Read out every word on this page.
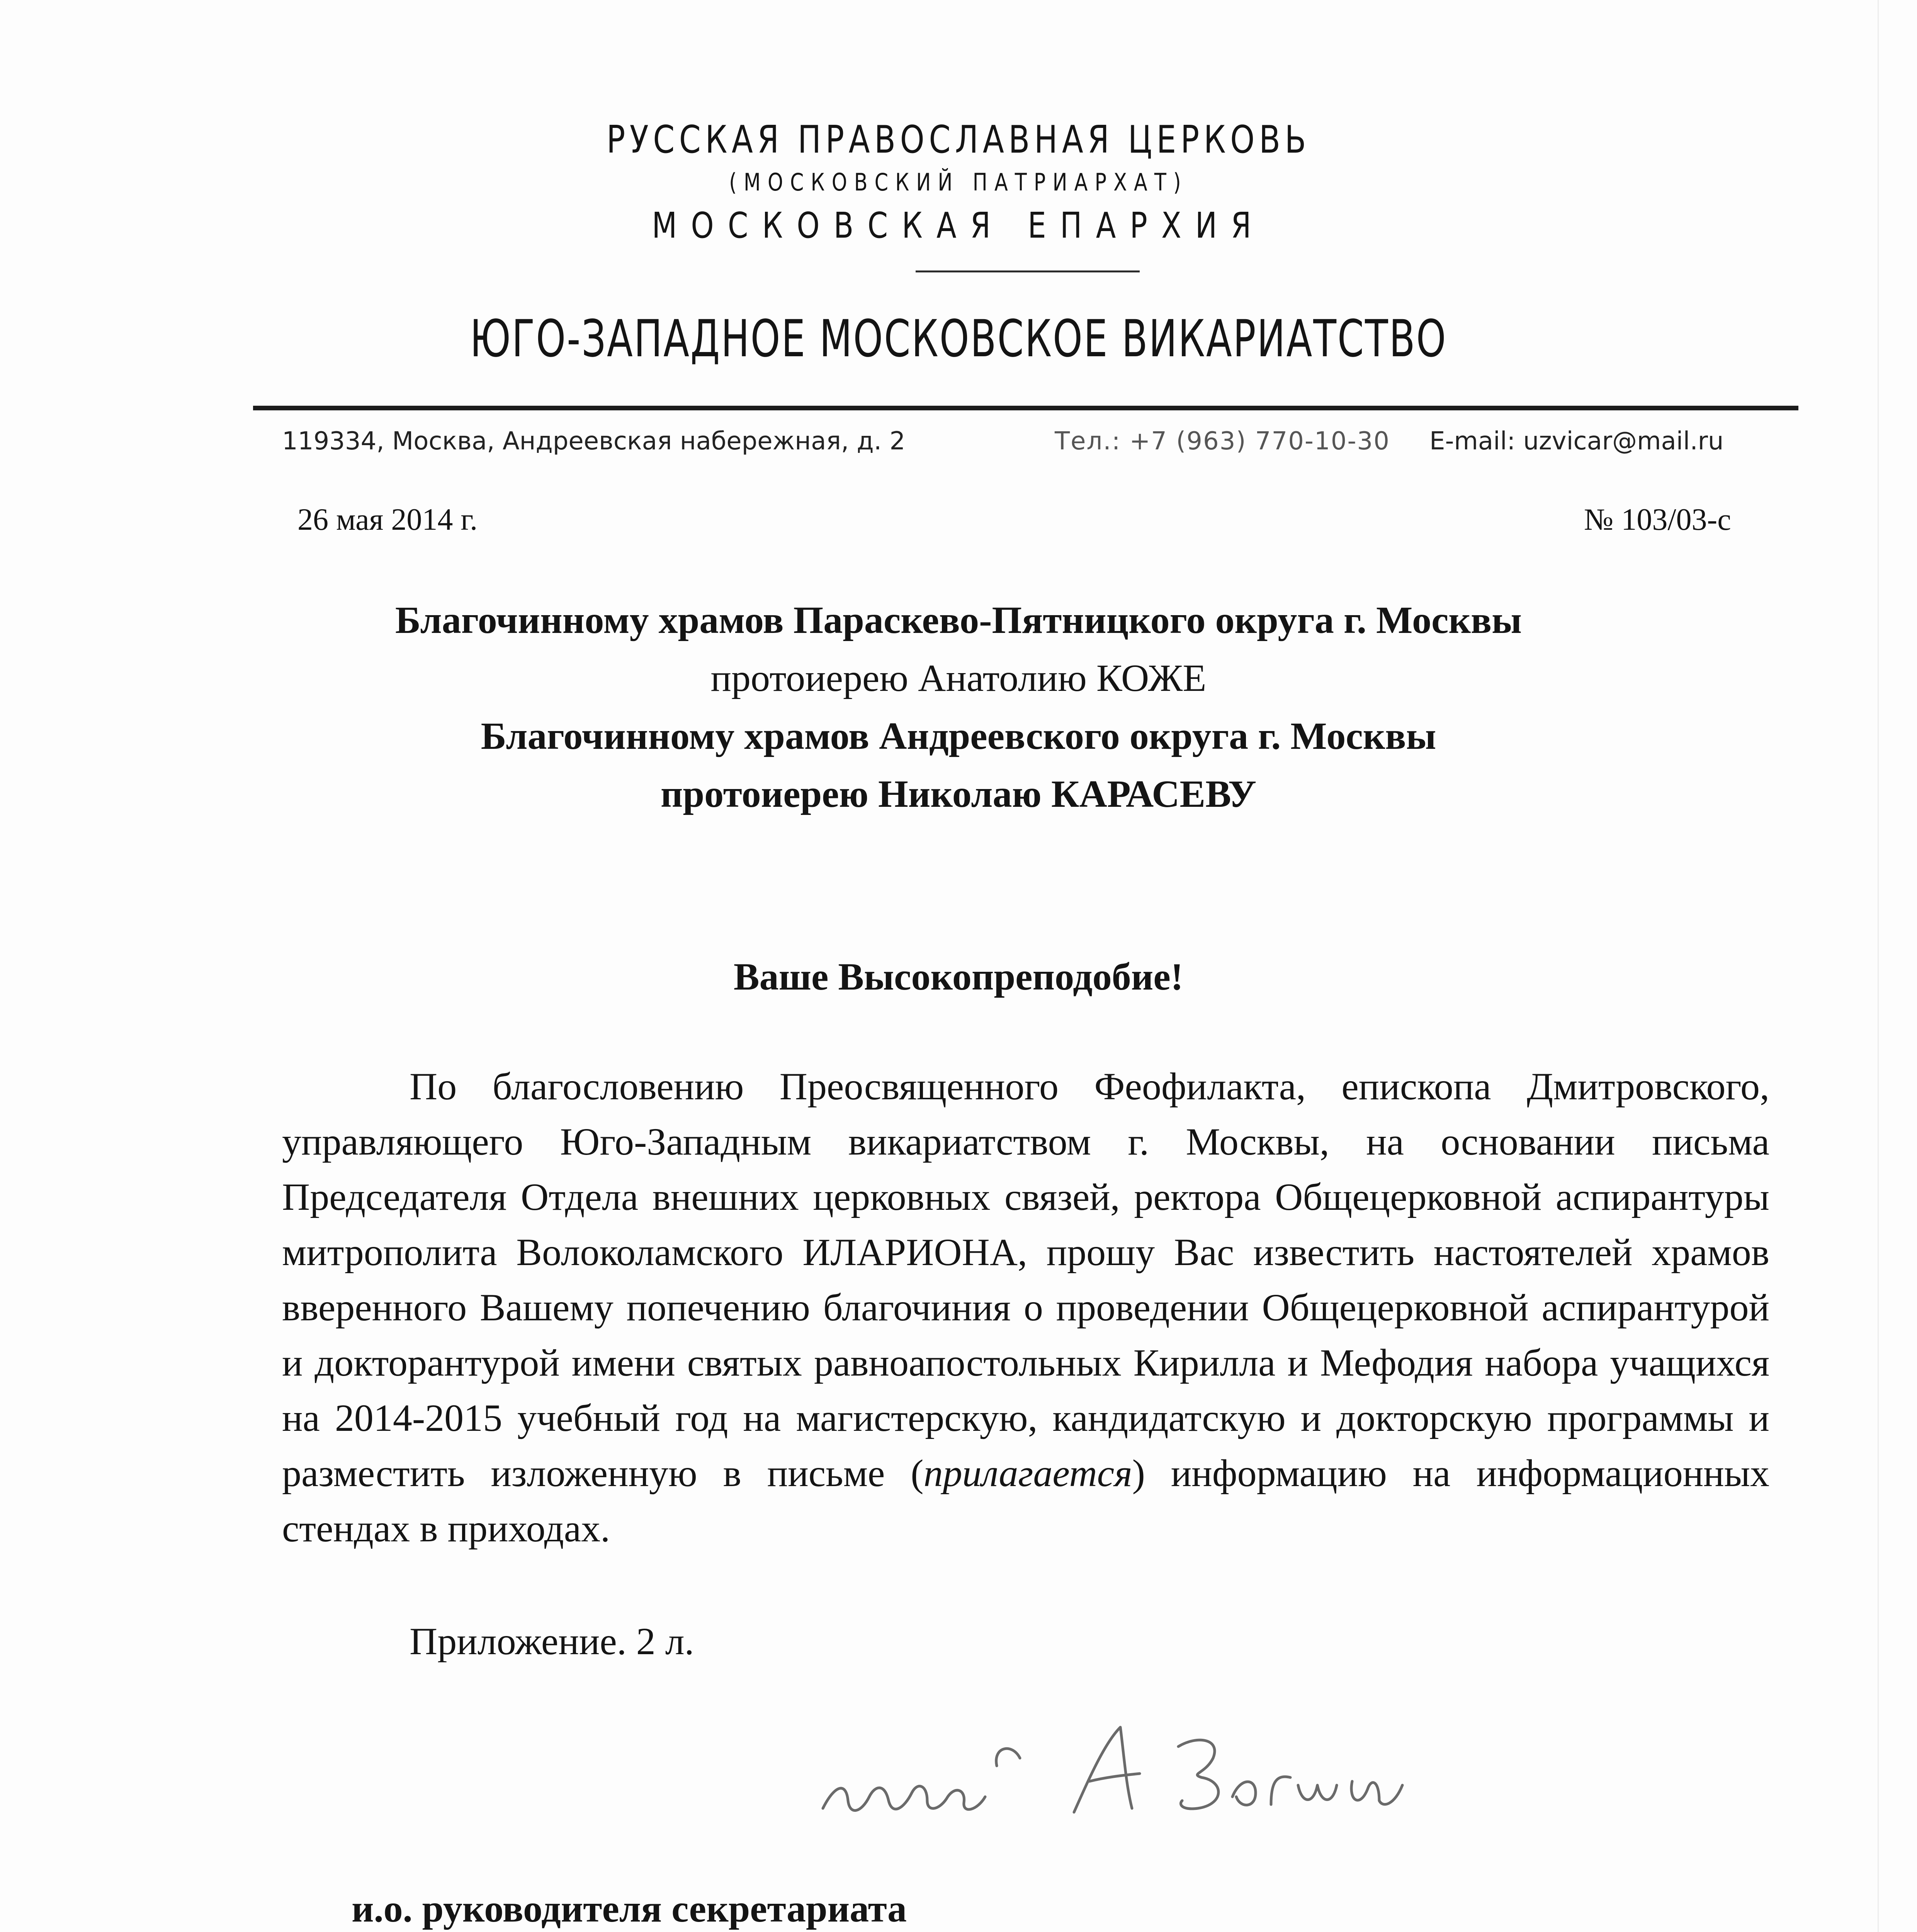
РУССКАЯ ПРАВОСЛАВНАЯ ЦЕРКОВЬ
(МОСКОВСКИЙ ПАТРИАРХАТ)
МОСКОВСКАЯ ЕПАРХИЯ
ЮГО-ЗАПАДНОЕ МОСКОВСКОЕ ВИКАРИАТСТВО
119334, Москва, Андреевская набережная, д. 2	Тел.: +7 (963) 770-10-30 E-mail: uzvicar@mail.ru
26 мая 2014 г.	№ 103/03-с
Благочинному храмов Параскево-Пятницкого округа г. Москвы
протоиерею Анатолию КОЖЕ
Благочинному храмов Андреевского округа г. Москвы
протоиерею Николаю КАРАСЕВУ
Ваше Высокопреподобие!
По благословению Преосвященного Феофилакта, епископа Дмитровского, управляющего Юго-Западным викариатством г. Москвы, на основании письма Председателя Отдела внешних церковных связей, ректора Общецерковной аспирантуры митрополита Волоколамского ИЛАРИОНА, прошу Вас известить настоятелей храмов вверенного Вашему попечению благочиния о проведении Общецерковной аспирантурой и докторантурой имени святых равноапостольных Кирилла и Мефодия набора учащихся на 2014-2015 учебный год на магистерскую, кандидатскую и докторскую программы и разместить изложенную в письме (прилагается) информацию на информационных стендах в приходах.
Приложение. 2 л.
и.о. руководителя секретариата
